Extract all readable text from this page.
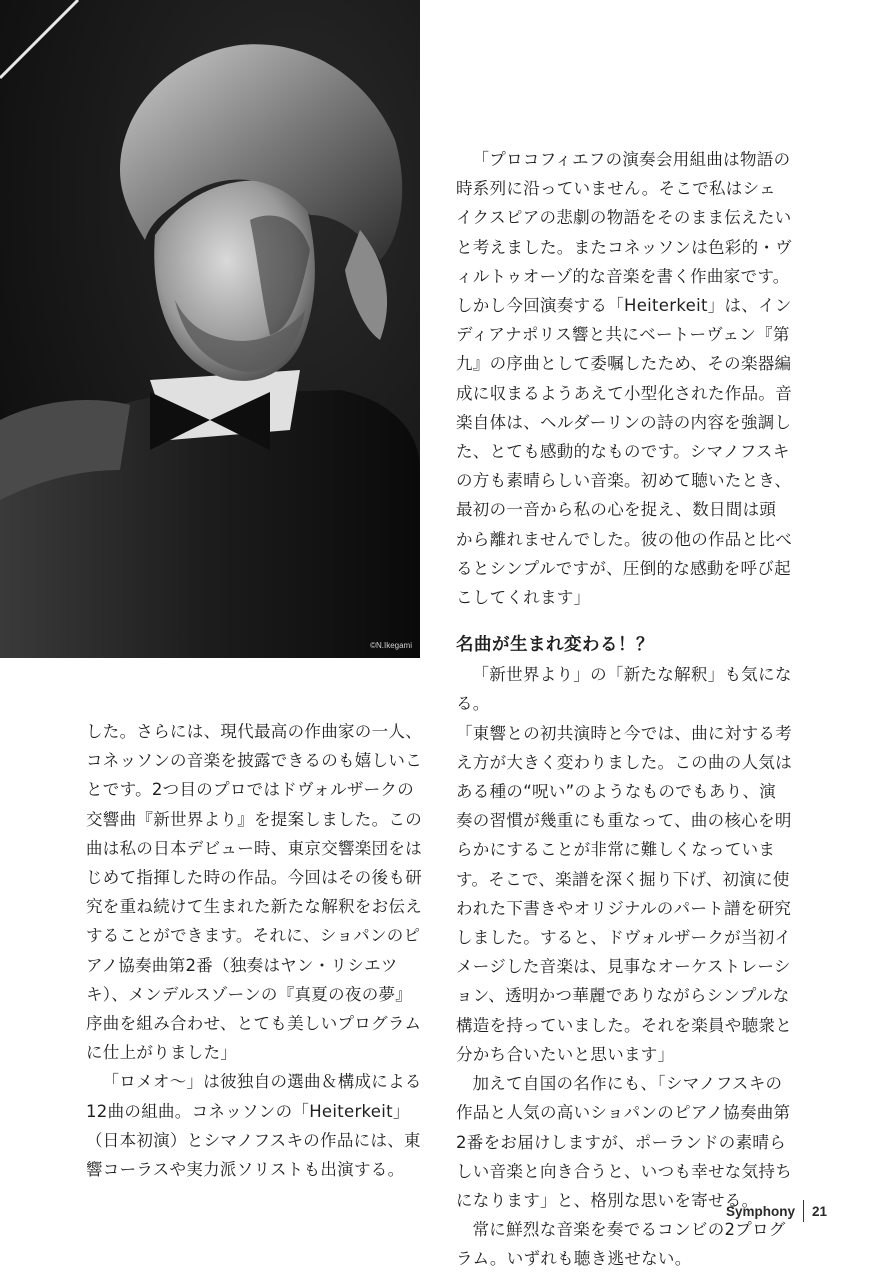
©N.Ikegami

した。さらには、現代最高の作曲家の一人、コネッソンの音楽を披露できるのも嬉しいことです。2つ目のプロではドヴォルザークの交響曲『新世界より』を提案しました。この曲は私の日本デビュー時、東京交響楽団をはじめて指揮した時の作品。今回はその後も研究を重ね続けて生まれた新たな解釈をお伝えすることができます。それに、ショパンのピアノ協奏曲第2番（独奏はヤン・リシエツキ）、メンデルスゾーンの『真夏の夜の夢』序曲を組み合わせ、とても美しいプログラムに仕上がりました」

「ロメオ～」は彼独自の選曲＆構成による12曲の組曲。コネッソンの「Heiterkeit」（日本初演）とシマノフスキの作品には、東響コーラスや実力派ソリストも出演する。

「プロコフィエフの演奏会用組曲は物語の時系列に沿っていません。そこで私はシェイクスピアの悲劇の物語をそのまま伝えたいと考えました。またコネッソンは色彩的・ヴィルトゥオーゾ的な音楽を書く作曲家です。しかし今回演奏する「Heiterkeit」は、インディアナポリス響と共にベートーヴェン『第九』の序曲として委嘱したため、その楽器編成に収まるようあえて小型化された作品。音楽自体は、ヘルダーリンの詩の内容を強調した、とても感動的なものです。シマノフスキの方も素晴らしい音楽。初めて聴いたとき、最初の一音から私の心を捉え、数日間は頭から離れませんでした。彼の他の作品と比べるとシンプルですが、圧倒的な感動を呼び起こしてくれます」

名曲が生まれ変わる！？

「新世界より」の「新たな解釈」も気になる。

「東響との初共演時と今では、曲に対する考え方が大きく変わりました。この曲の人気はある種の“呪い”のようなものでもあり、演奏の習慣が幾重にも重なって、曲の核心を明らかにすることが非常に難しくなっています。そこで、楽譜を深く掘り下げ、初演に使われた下書きやオリジナルのパート譜を研究しました。すると、ドヴォルザークが当初イメージした音楽は、見事なオーケストレーション、透明かつ華麗でありながらシンプルな構造を持っていました。それを楽員や聴衆と分かち合いたいと思います」

加えて自国の名作にも、「シマノフスキの作品と人気の高いショパンのピアノ協奏曲第2番をお届けしますが、ポーランドの素晴らしい音楽と向き合うと、いつも幸せな気持ちになります」と、格別な思いを寄せる。

常に鮮烈な音楽を奏でるコンビの2プログラム。いずれも聴き逃せない。

Symphony 21
